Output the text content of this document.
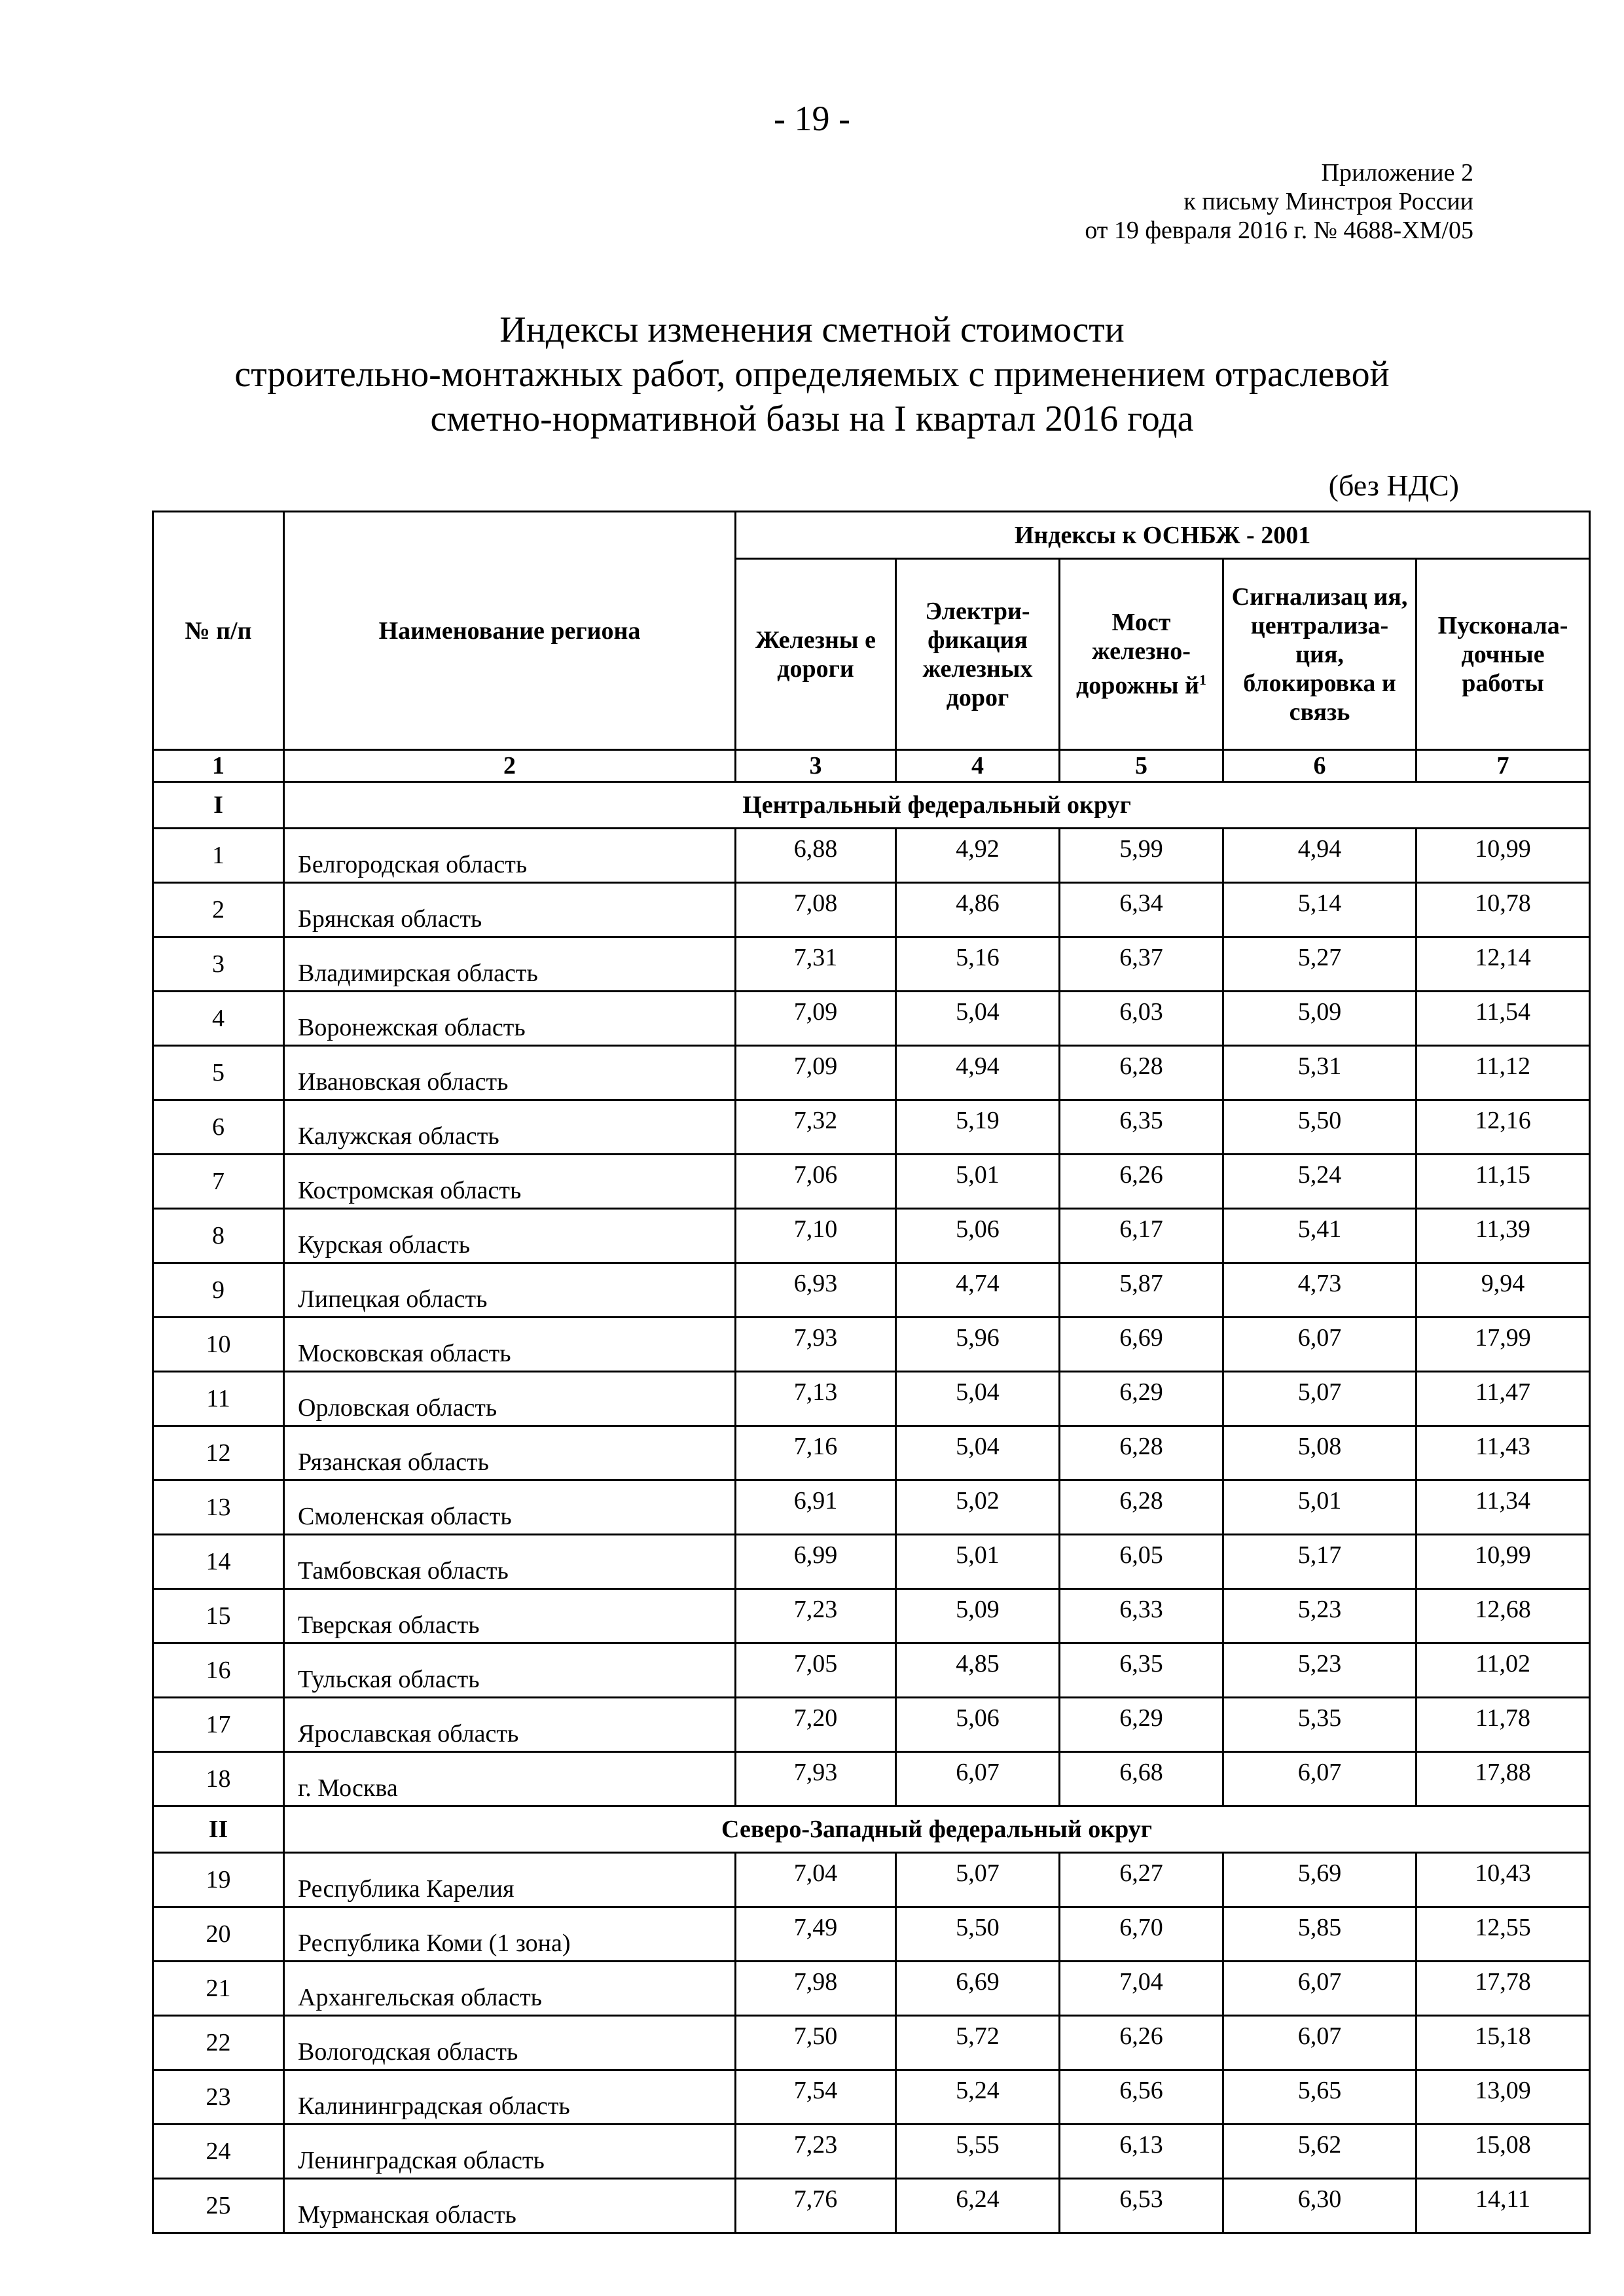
- 19 -
Приложение 2
к письму Минстроя России
от 19 февраля 2016 г. № 4688-ХМ/05
Индексы изменения сметной стоимости
строительно-монтажных работ, определяемых с применением отраслевой
сметно-нормативной базы на I квартал 2016 года
(без НДС)
№ п/п	Наименование региона	Индексы к ОСНБЖ - 2001				
		Железны е дороги	Электри- фикация железных дорог	Мост железно- дорожны $й^1$	Сигнализац ия, централиза- ция, блокировка и связь	Пусконала- дочные работы
1	2	3	4	5	6	7
I	Центральный федеральный округ					
1	Белгородская область	6,88	4,92	5,99	4,94	10,99
2	Брянская область	7,08	4,86	6,34	5,14	10,78
3	Владимирская область	7,31	5,16	6,37	5,27	12,14
4	Воронежская область	7,09	5,04	6,03	5,09	11,54
5	Ивановская область	7,09	4,94	6,28	5,31	11,12
6	Калужская область	7,32	5,19	6,35	5,50	12,16
7	Костромская область	7,06	5,01	6,26	5,24	11,15
8	Курская область	7,10	5,06	6,17	5,41	11,39
9	Липецкая область	6,93	4,74	5,87	4,73	9,94
10	Московская область	7,93	5,96	6,69	6,07	17,99
11	Орловская область	7,13	5,04	6,29	5,07	11,47
12	Рязанская область	7,16	5,04	6,28	5,08	11,43
13	Смоленская область	6,91	5,02	6,28	5,01	11,34
14	Тамбовская область	6,99	5,01	6,05	5,17	10,99
15	Тверская область	7,23	5,09	6,33	5,23	12,68
16	Тульская область	7,05	4,85	6,35	5,23	11,02
17	Ярославская область	7,20	5,06	6,29	5,35	11,78
18	г. Москва	7,93	6,07	6,68	6,07	17,88
II	Северо-Западный федеральный округ					
19	Республика Карелия	7,04	5,07	6,27	5,69	10,43
20	Республика Коми (1 зона)	7,49	5,50	6,70	5,85	12,55
21	Архангельская область	7,98	6,69	7,04	6,07	17,78
22	Вологодская область	7,50	5,72	6,26	6,07	15,18
23	Калининградская область	7,54	5,24	6,56	5,65	13,09
24	Ленинградская область	7,23	5,55	6,13	5,62	15,08
25	Мурманская область	7,76	6,24	6,53	6,30	14,11
